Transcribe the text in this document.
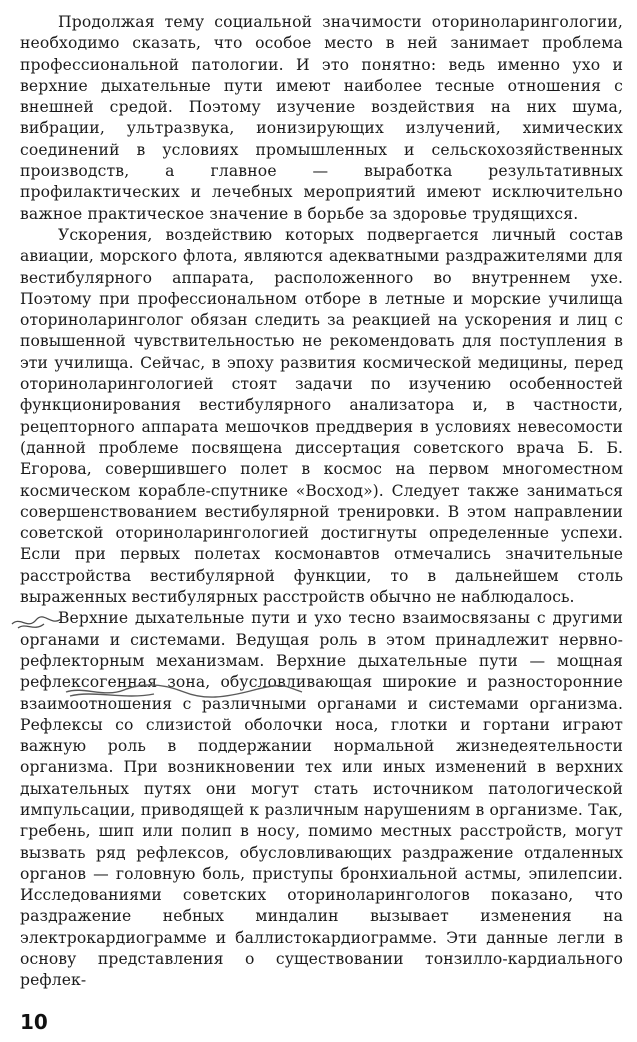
Продолжая тему социальной значимости оториноларингологии, необходимо сказать, что особое место в ней занимает проблема профессиональной патологии. И это понятно: ведь именно ухо и верхние дыхательные пути имеют наиболее тесные отношения с внешней средой. Поэтому изучение воздействия на них шума, вибрации, ультразвука, ионизирующих излучений, химических соединений в условиях промышленных и сельскохозяйственных производств, а главное — выработка результативных профилактических и лечебных мероприятий имеют исключительно важное практическое значение в борьбе за здоровье трудящихся.

Ускорения, воздействию которых подвергается личный состав авиации, морского флота, являются адекватными раздражителями для вестибулярного аппарата, расположенного во внутреннем ухе. Поэтому при профессиональном отборе в летные и морские училища оториноларинголог обязан следить за реакцией на ускорения и лиц с повышенной чувствительностью не рекомендовать для поступления в эти училища. Сейчас, в эпоху развития космической медицины, перед оториноларингологией стоят задачи по изучению особенностей функционирования вестибулярного анализатора и, в частности, рецепторного аппарата мешочков преддверия в условиях невесомости (данной проблеме посвящена диссертация советского врача Б. Б. Егорова, совершившего полет в космос на первом многоместном космическом корабле-спутнике «Восход»). Следует также заниматься совершенствованием вестибулярной тренировки. В этом направлении советской оториноларингологией достигнуты определенные успехи. Если при первых полетах космонавтов отмечались значительные расстройства вестибулярной функции, то в дальнейшем столь выраженных вестибулярных расстройств обычно не наблюдалось.

Верхние дыхательные пути и ухо тесно взаимосвязаны с другими органами и системами. Ведущая роль в этом принадлежит нервно-рефлекторным механизмам. Верхние дыхательные пути — мощная рефлексогенная зона, обусловливающая широкие и разносторонние взаимоотношения с различными органами и системами организма. Рефлексы со слизистой оболочки носа, глотки и гортани играют важную роль в поддержании нормальной жизнедеятельности организма. При возникновении тех или иных изменений в верхних дыхательных путях они могут стать источником патологической импульсации, приводящей к различным нарушениям в организме. Так, гребень, шип или полип в носу, помимо местных расстройств, могут вызвать ряд рефлексов, обусловливающих раздражение отдаленных органов — головную боль, приступы бронхиальной астмы, эпилепсии. Исследованиями советских оториноларингологов показано, что раздражение небных миндалин вызывает изменения на электрокардиограмме и баллистокардиограмме. Эти данные легли в основу представления о существовании тонзилло-кардиального рефлек-

10
